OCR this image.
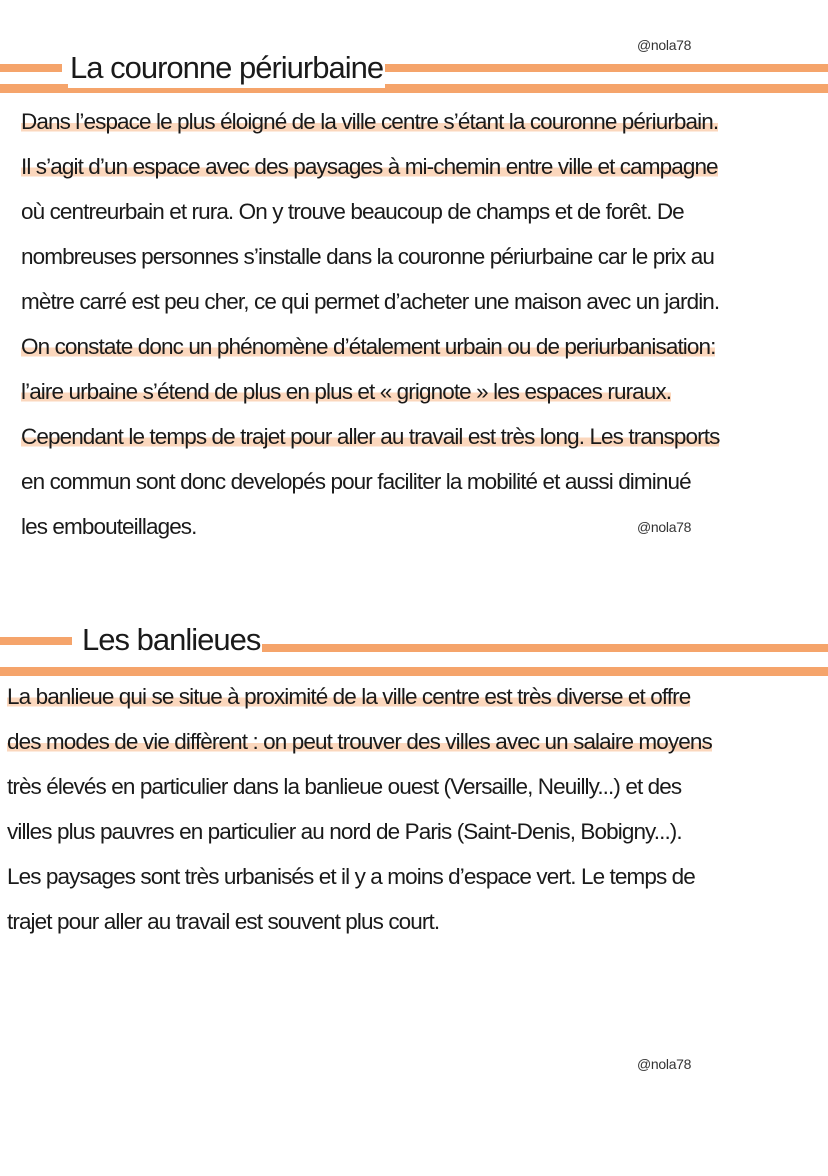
La couronne périurbaine
@nola78
Dans l’espace le plus éloigné de la ville centre s’étant la couronne périurbain.
Il s’agit d’un espace avec des paysages à mi-chemin entre ville et campagne
où centreurbain et rura. On y trouve beaucoup de champs et de forêt. De
nombreuses personnes s’installe dans la couronne périurbaine car le prix au
mètre carré est peu cher, ce qui permet d’acheter une maison avec un jardin.
On constate donc un phénomène d’étalement urbain ou de periurbanisation:
l’aire urbaine s’étend de plus en plus et « grignote » les espaces ruraux.
Cependant le temps de trajet pour aller au travail est très long. Les transports
en commun sont donc developés pour faciliter la mobilité et aussi diminué
les embouteillages.	@nola78
Les banlieues
La banlieue qui se situe à proximité de la ville centre est très diverse et offre
des modes de vie diffèrent : on peut trouver des villes avec un salaire moyens
très élevés en particulier dans la banlieue ouest (Versaille, Neuilly...) et des
villes plus pauvres en particulier au nord de Paris (Saint-Denis, Bobigny...).
Les paysages sont très urbanisés et il y a moins d’espace vert. Le temps de
trajet pour aller au travail est souvent plus court.
@nola78
